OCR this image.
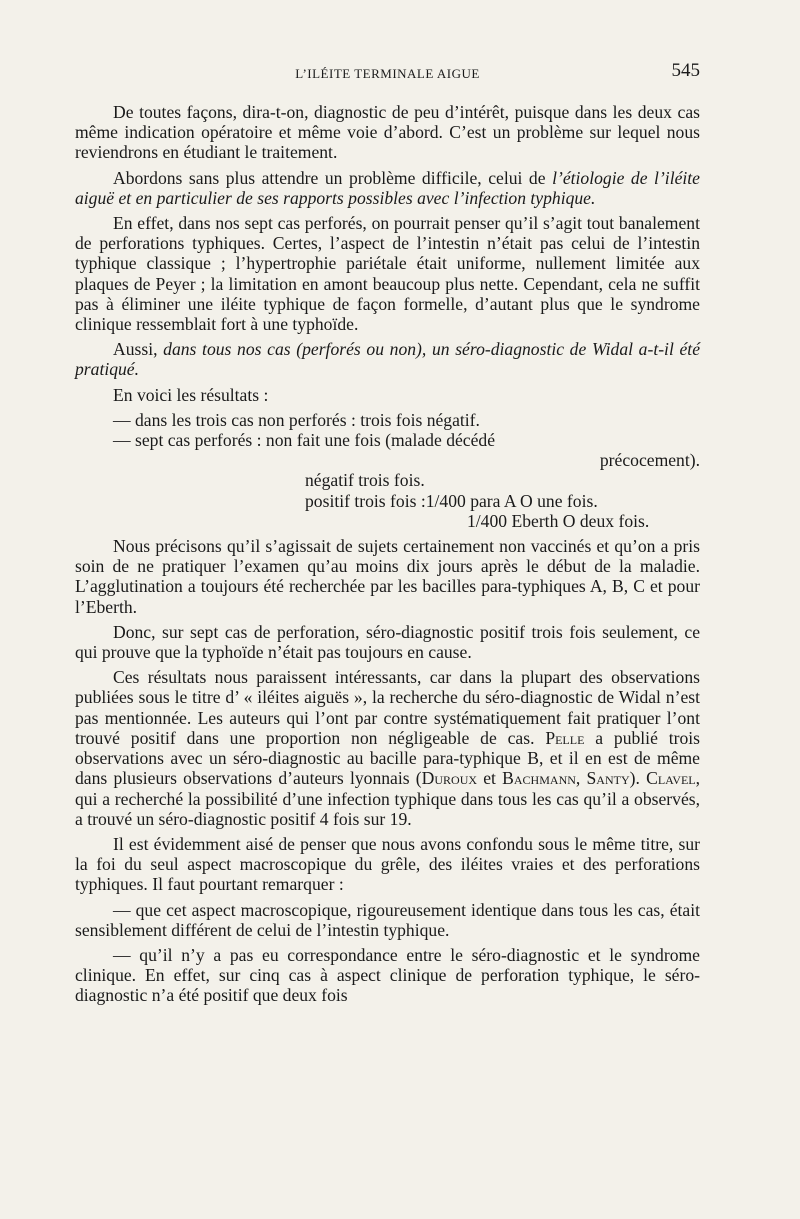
L’ILÉITE TERMINALE AIGUE	545

De toutes façons, dira-t-on, diagnostic de peu d’intérêt, puisque dans les deux cas même indication opératoire et même voie d’abord. C’est un problème sur lequel nous reviendrons en étudiant le traitement.

Abordons sans plus attendre un problème difficile, celui de l’étiologie de l’iléite aiguë et en particulier de ses rapports possibles avec l’infection typhique.

En effet, dans nos sept cas perforés, on pourrait penser qu’il s’agit tout banalement de perforations typhiques. Certes, l’aspect de l’intestin n’était pas celui de l’intestin typhique classique ; l’hypertrophie pariétale était uniforme, nullement limitée aux plaques de Peyer ; la limitation en amont beaucoup plus nette. Cependant, cela ne suffit pas à éliminer une iléite typhique de façon formelle, d’autant plus que le syndrome clinique ressemblait fort à une typhoïde.

Aussi, dans tous nos cas (perforés ou non), un séro-diagnostic de Widal a-t-il été pratiqué.

En voici les résultats :

— dans les trois cas non perforés : trois fois négatif.

— sept cas perforés : non fait une fois (malade décédé

précocement).

négatif trois fois.

positif trois fois : 1/400 para A O une fois.

1/400 Eberth O deux fois.

Nous précisons qu’il s’agissait de sujets certainement non vaccinés et qu’on a pris soin de ne pratiquer l’examen qu’au moins dix jours après le début de la maladie. L’agglutination a toujours été recherchée par les bacilles para-typhiques A, B, C et pour l’Eberth.

Donc, sur sept cas de perforation, séro-diagnostic positif trois fois seulement, ce qui prouve que la typhoïde n’était pas toujours en cause.

Ces résultats nous paraissent intéressants, car dans la plupart des observations publiées sous le titre d’ « iléites aiguës », la recherche du séro-diagnostic de Widal n’est pas mentionnée. Les auteurs qui l’ont par contre systématiquement fait pratiquer l’ont trouvé positif dans une proportion non négligeable de cas. Pelle a publié trois observations avec un séro-diagnostic au bacille para-typhique B, et il en est de même dans plusieurs observations d’auteurs lyonnais (Duroux et Bachmann, Santy). Clavel, qui a recherché la possibilité d’une infection typhique dans tous les cas qu’il a observés, a trouvé un séro-diagnostic positif 4 fois sur 19.

Il est évidemment aisé de penser que nous avons confondu sous le même titre, sur la foi du seul aspect macroscopique du grêle, des iléites vraies et des perforations typhiques. Il faut pourtant remarquer :

— que cet aspect macroscopique, rigoureusement identique dans tous les cas, était sensiblement différent de celui de l’intestin typhique.

— qu’il n’y a pas eu correspondance entre le séro-diagnostic et le syndrome clinique. En effet, sur cinq cas à aspect clinique de perforation typhique, le séro-diagnostic n’a été positif que deux fois
